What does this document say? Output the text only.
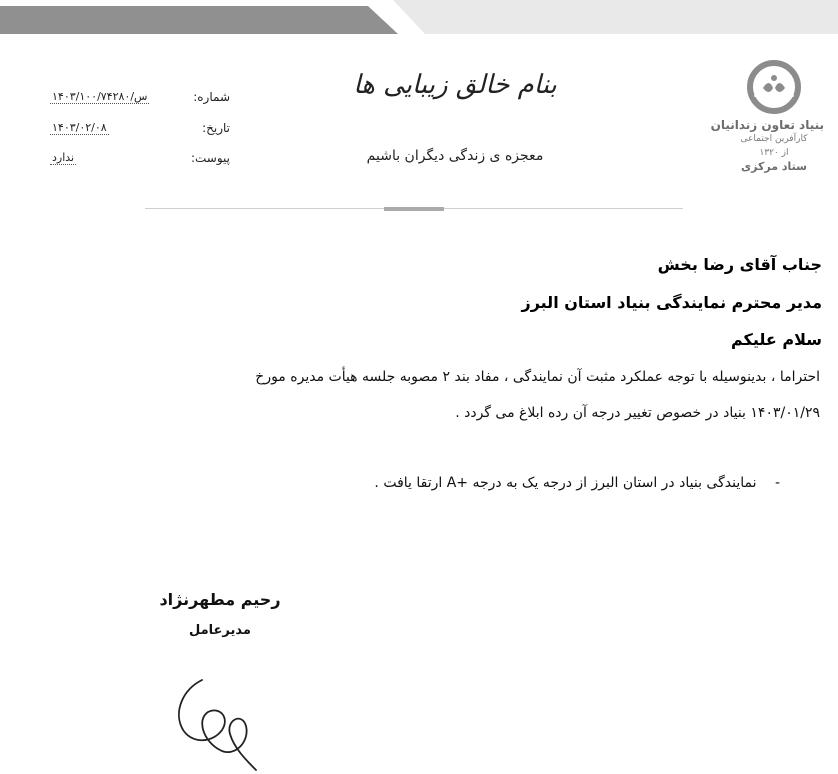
بنیاد تعاون زندانیان
کارآفرین اجتماعی
از ۱۳۲۰
ستاد مرکزی
بنام خالق زیبایی ها
معجزه ی زندگی دیگران باشیم
۱۴۰۳/س/۱۰۰/۷۴۲۸۰	شماره:
۱۴۰۳/۰۲/۰۸	تاریخ:
ندارد	پیوست:
جناب آقای رضا بخش
مدیر محترم نمایندگی بنیاد استان البرز
سلام علیکم
احتراما ، بدینوسیله با توجه عملکرد مثبت آن نمایندگی ، مفاد بند ۲ مصوبه جلسه هیأت مدیره مورخ
۱۴۰۳/۰۱/۲۹ بنیاد در خصوص تغییر درجه آن رده ابلاغ می گردد .
- نمایندگی بنیاد در استان البرز از درجه یک به درجه +A ارتقا یافت .
رحیم مطهرنژاد
مدیرعامل
